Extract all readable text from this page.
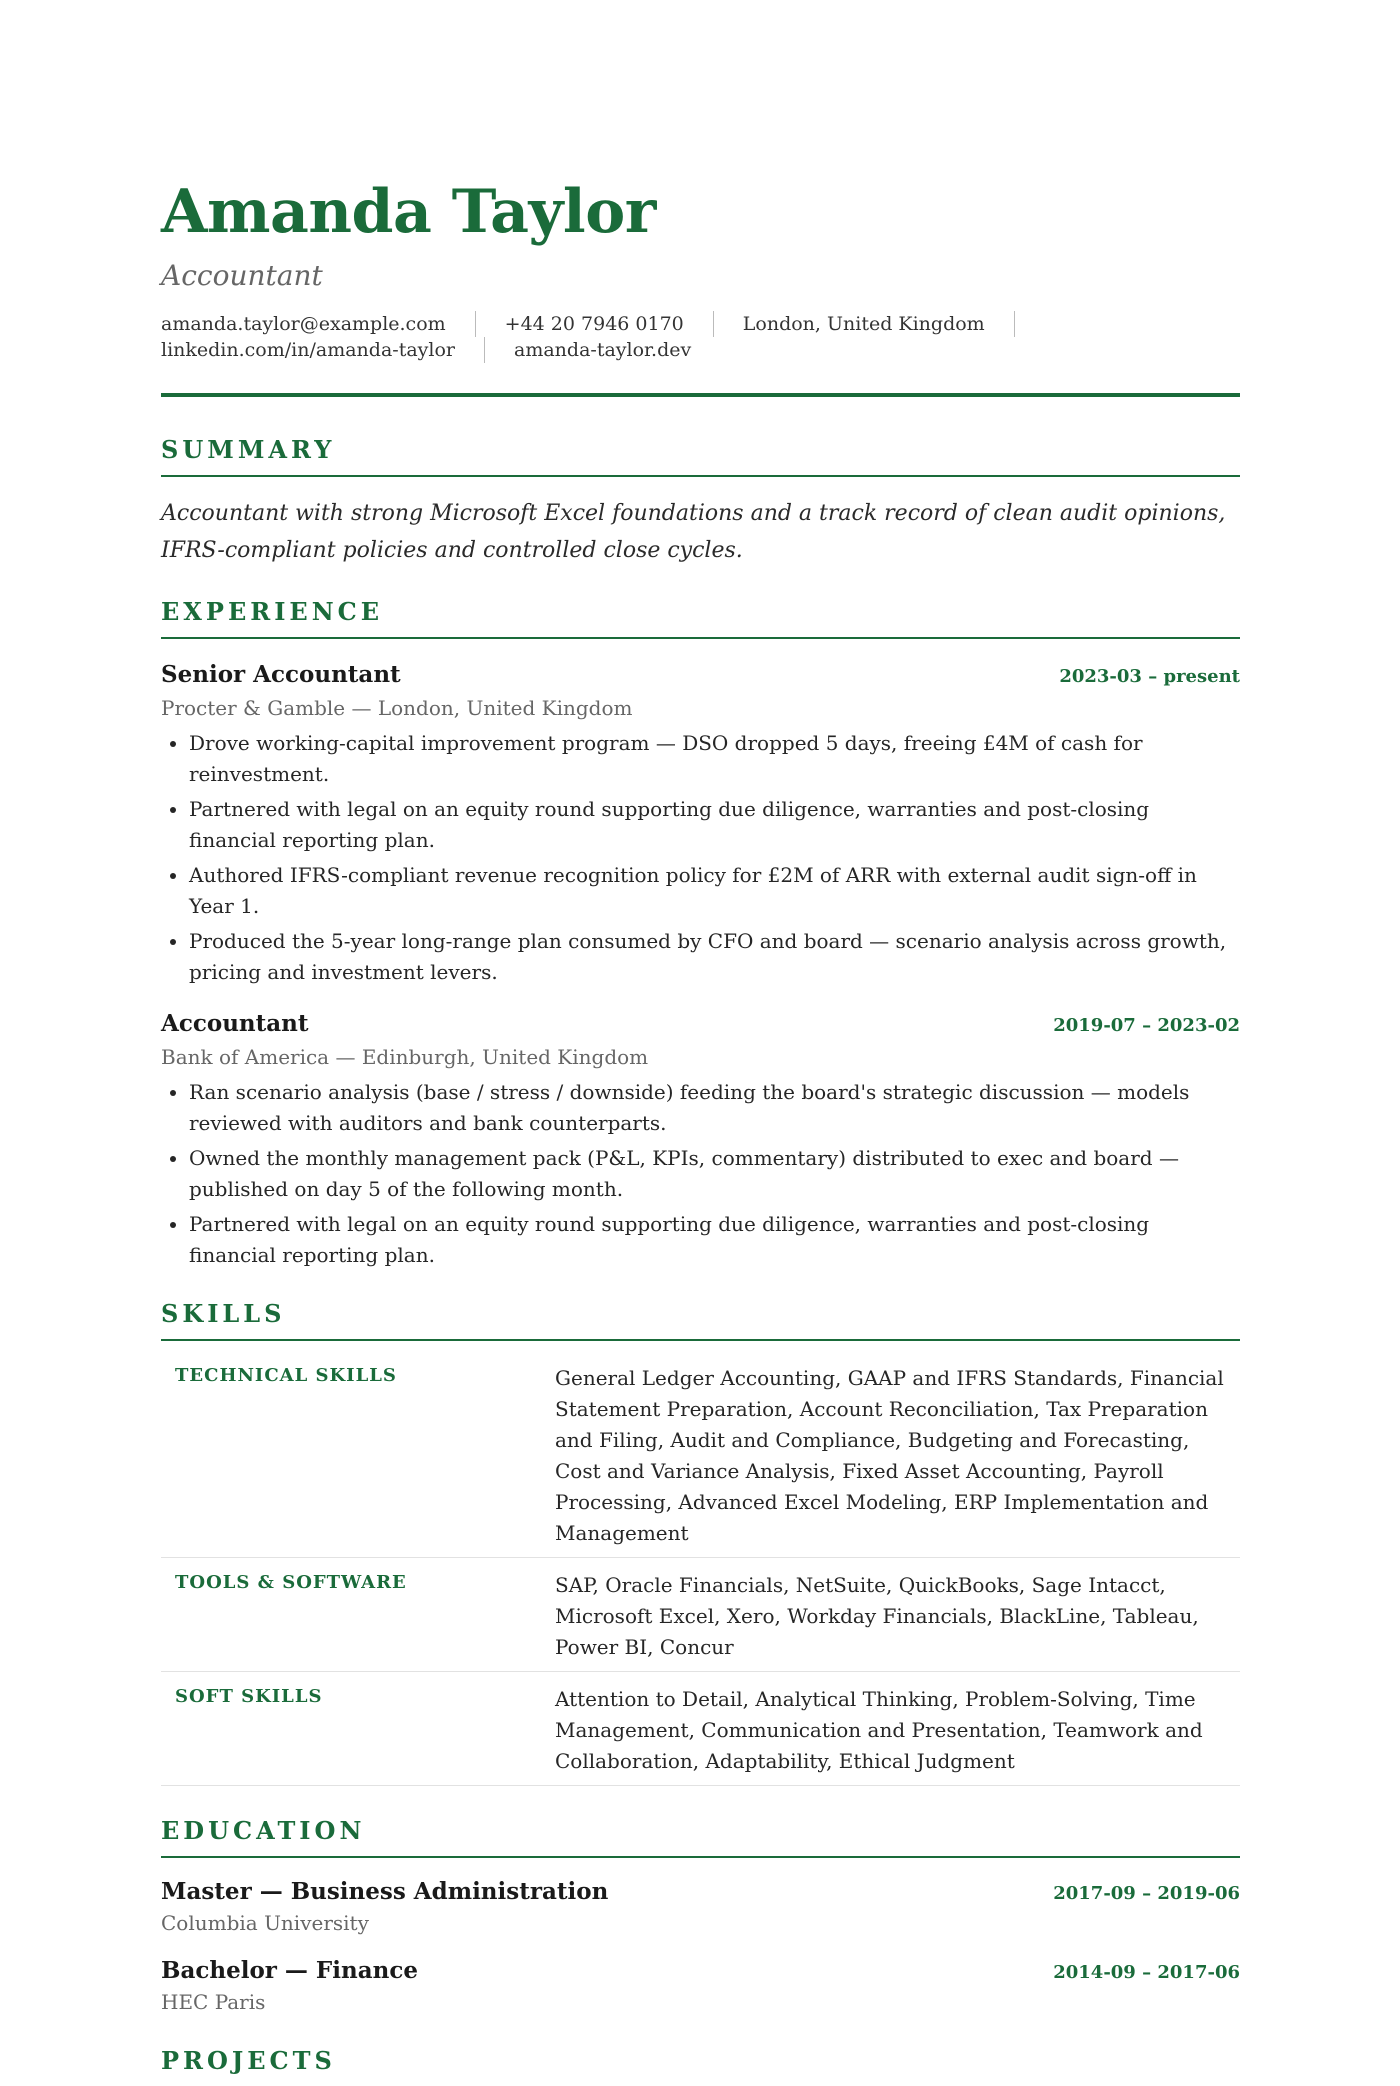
Amanda Taylor
Accountant
amanda.taylor@example.com	+44 20 7946 0170	London, United Kingdom
linkedin.com/in/amanda-taylor	amanda-taylor.dev
SUMMARY
Accountant with strong Microsoft Excel foundations and a track record of clean audit opinions, IFRS-compliant policies and controlled close cycles.
EXPERIENCE
Senior Accountant	2023-03 – present
Procter & Gamble — London, United Kingdom
• Drove working-capital improvement program — DSO dropped 5 days, freeing £4M of cash for reinvestment.
• Partnered with legal on an equity round supporting due diligence, warranties and post-closing financial reporting plan.
• Authored IFRS-compliant revenue recognition policy for £2M of ARR with external audit sign-off in Year 1.
• Produced the 5-year long-range plan consumed by CFO and board — scenario analysis across growth, pricing and investment levers.
Accountant	2019-07 – 2023-02
Bank of America — Edinburgh, United Kingdom
• Ran scenario analysis (base / stress / downside) feeding the board's strategic discussion — models reviewed with auditors and bank counterparts.
• Owned the monthly management pack (P&L, KPIs, commentary) distributed to exec and board — published on day 5 of the following month.
• Partnered with legal on an equity round supporting due diligence, warranties and post-closing financial reporting plan.
SKILLS
TECHNICAL SKILLS	General Ledger Accounting, GAAP and IFRS Standards, Financial Statement Preparation, Account Reconciliation, Tax Preparation and Filing, Audit and Compliance, Budgeting and Forecasting, Cost and Variance Analysis, Fixed Asset Accounting, Payroll Processing, Advanced Excel Modeling, ERP Implementation and Management
TOOLS & SOFTWARE	SAP, Oracle Financials, NetSuite, QuickBooks, Sage Intacct, Microsoft Excel, Xero, Workday Financials, BlackLine, Tableau, Power BI, Concur
SOFT SKILLS	Attention to Detail, Analytical Thinking, Problem-Solving, Time Management, Communication and Presentation, Teamwork and Collaboration, Adaptability, Ethical Judgment
EDUCATION
Master — Business Administration	2017-09 – 2019-06
Columbia University
Bachelor — Finance	2014-09 – 2017-06
HEC Paris
PROJECTS
